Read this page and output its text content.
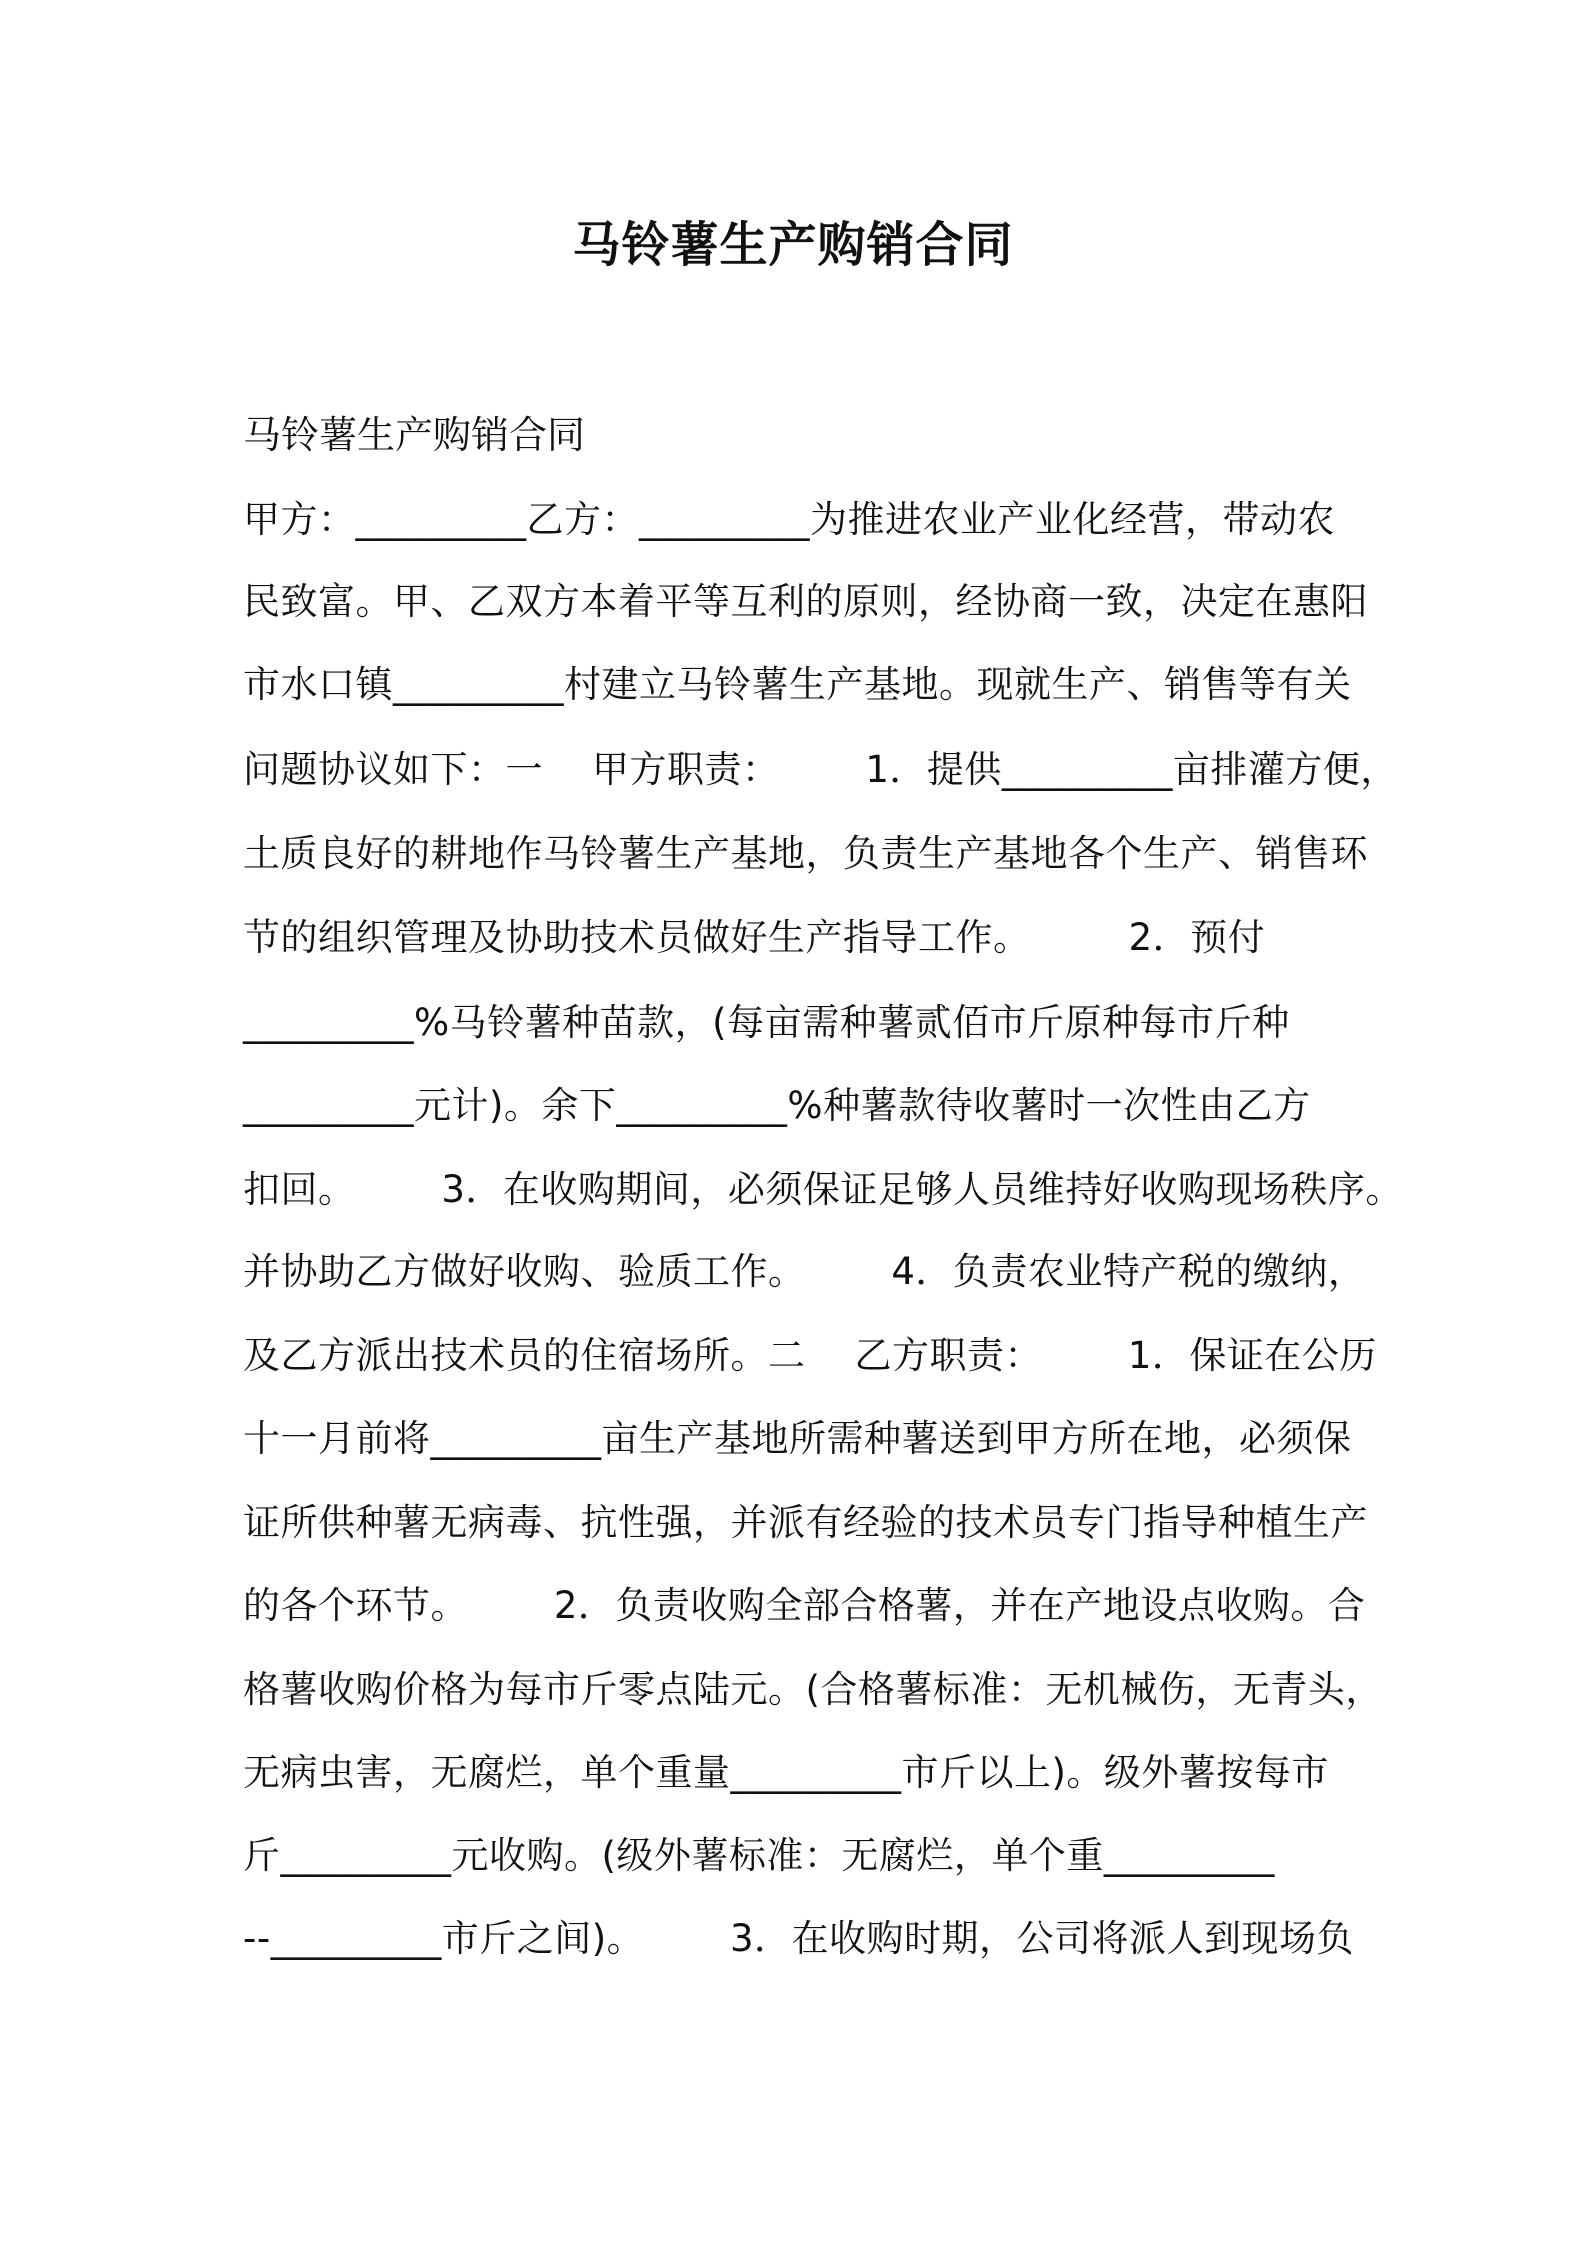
马铃薯生产购销合同
马铃薯生产购销合同
甲方：_________乙方：_________为推进农业产业化经营，带动农
民致富。甲、乙双方本着平等互利的原则，经协商一致，决定在惠阳
市水口镇_________村建立马铃薯生产基地。现就生产、销售等有关
问题协议如下：一    甲方职责：       1．提供_________亩排灌方便，
土质良好的耕地作马铃薯生产基地，负责生产基地各个生产、销售环
节的组织管理及协助技术员做好生产指导工作。        2．预付
_________%马铃薯种苗款，(每亩需种薯贰佰市斤原种每市斤种
_________元计)。余下_________%种薯款待收薯时一次性由乙方
扣回。       3．在收购期间，必须保证足够人员维持好收购现场秩序。
并协助乙方做好收购、验质工作。       4．负责农业特产税的缴纳，
及乙方派出技术员的住宿场所。二    乙方职责：       1．保证在公历
十一月前将_________亩生产基地所需种薯送到甲方所在地，必须保
证所供种薯无病毒、抗性强，并派有经验的技术员专门指导种植生产
的各个环节。       2．负责收购全部合格薯，并在产地设点收购。合
格薯收购价格为每市斤零点陆元。(合格薯标准：无机械伤，无青头，
无病虫害，无腐烂，单个重量_________市斤以上)。级外薯按每市
斤_________元收购。(级外薯标准：无腐烂，单个重_________
--_________市斤之间)。       3．在收购时期，公司将派人到现场负
